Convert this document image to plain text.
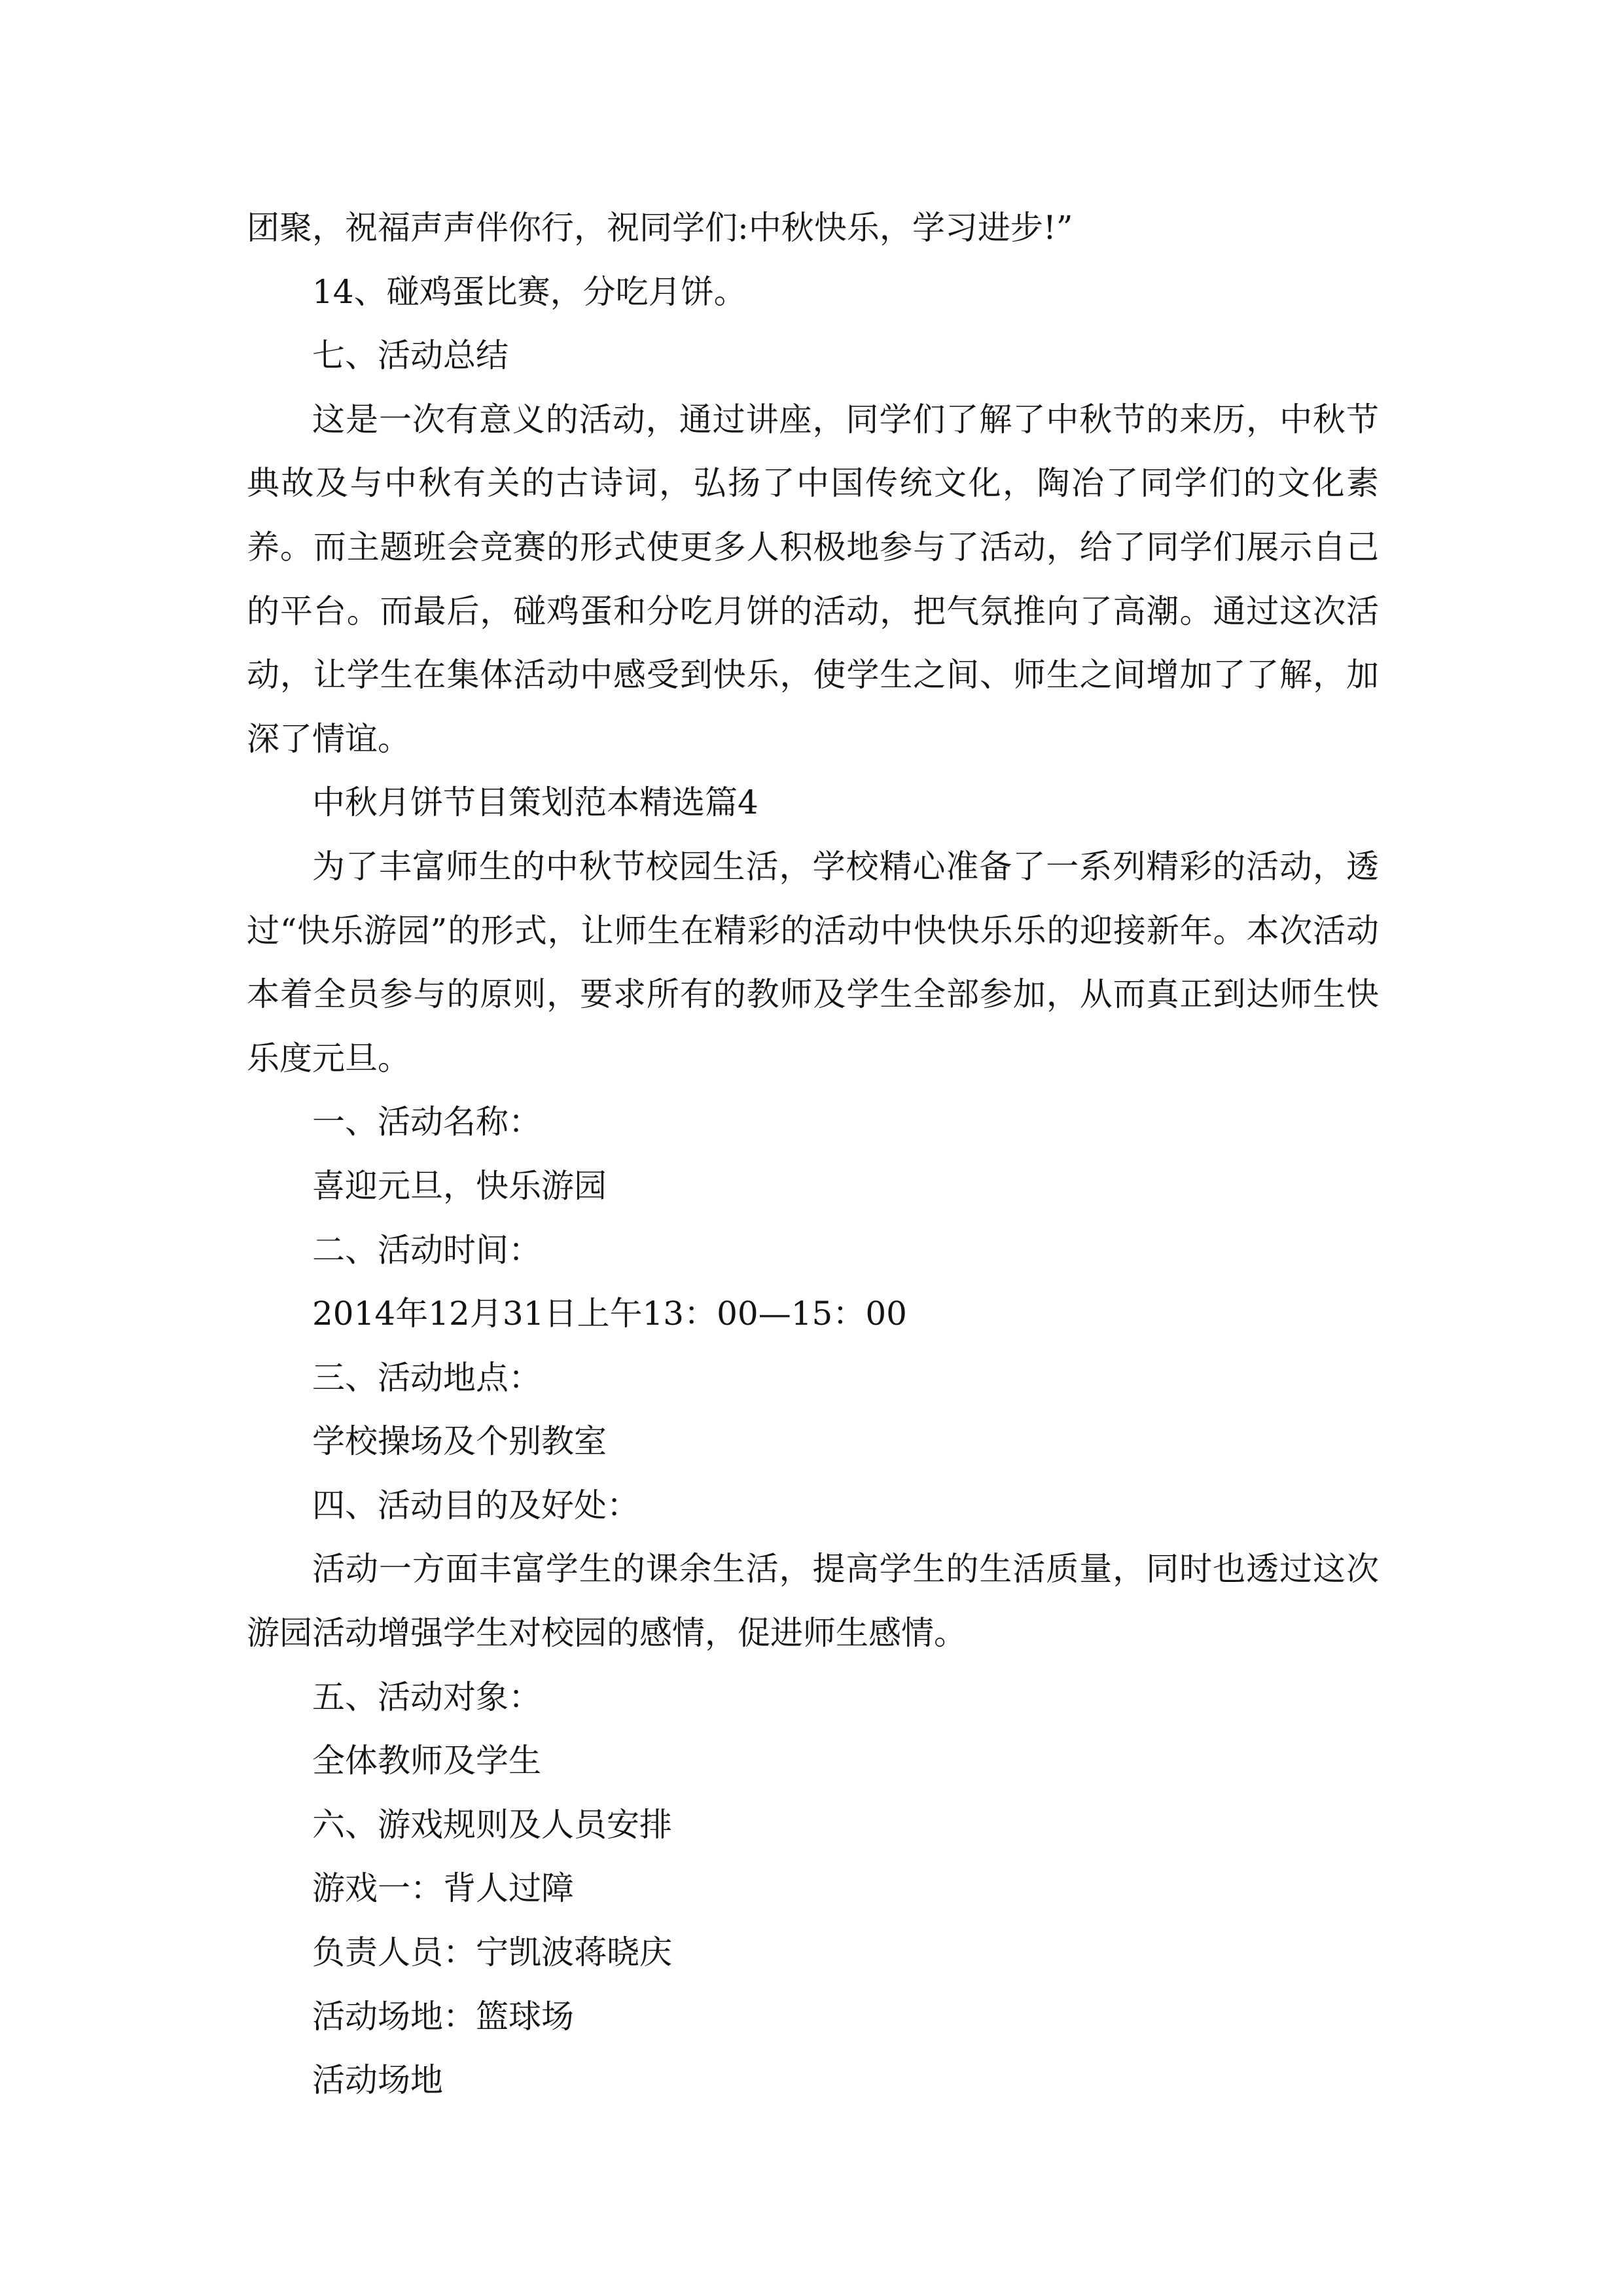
团聚，祝福声声伴你行，祝同学们:中秋快乐，学习进步!”

14、碰鸡蛋比赛，分吃月饼。

七、活动总结

这是一次有意义的活动，通过讲座，同学们了解了中秋节的来历，中秋节典故及与中秋有关的古诗词，弘扬了中国传统文化，陶冶了同学们的文化素养。而主题班会竞赛的形式使更多人积极地参与了活动，给了同学们展示自己的平台。而最后，碰鸡蛋和分吃月饼的活动，把气氛推向了高潮。通过这次活动，让学生在集体活动中感受到快乐，使学生之间、师生之间增加了了解，加深了情谊。

中秋月饼节目策划范本精选篇4

为了丰富师生的中秋节校园生活，学校精心准备了一系列精彩的活动，透过“快乐游园”的形式，让师生在精彩的活动中快快乐乐的迎接新年。本次活动本着全员参与的原则，要求所有的教师及学生全部参加，从而真正到达师生快乐度元旦。

一、活动名称：

喜迎元旦，快乐游园

二、活动时间：

2014年12月31日上午13：00—15：00

三、活动地点：

学校操场及个别教室

四、活动目的及好处：

活动一方面丰富学生的课余生活，提高学生的生活质量，同时也透过这次游园活动增强学生对校园的感情，促进师生感情。

五、活动对象：

全体教师及学生

六、游戏规则及人员安排

游戏一：背人过障

负责人员：宁凯波蒋晓庆

活动场地：篮球场

活动场地
